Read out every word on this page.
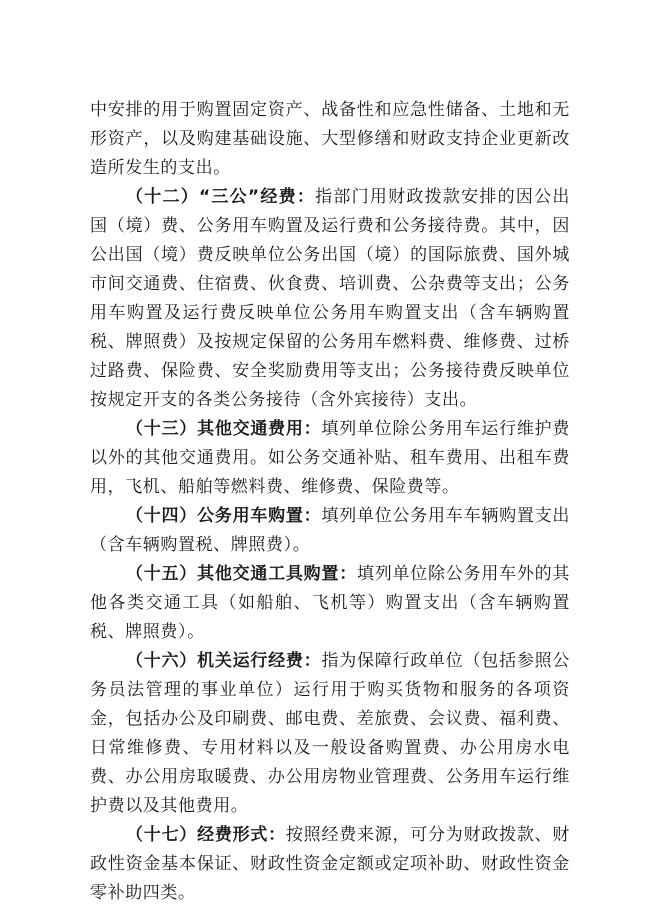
中安排的用于购置固定资产、战备性和应急性储备、土地和无形资产，以及购建基础设施、大型修缮和财政支持企业更新改造所发生的支出。

（十二）“三公”经费：指部门用财政拨款安排的因公出国（境）费、公务用车购置及运行费和公务接待费。其中，因公出国（境）费反映单位公务出国（境）的国际旅费、国外城市间交通费、住宿费、伙食费、培训费、公杂费等支出；公务用车购置及运行费反映单位公务用车购置支出（含车辆购置税、牌照费）及按规定保留的公务用车燃料费、维修费、过桥过路费、保险费、安全奖励费用等支出；公务接待费反映单位按规定开支的各类公务接待（含外宾接待）支出。

（十三）其他交通费用：填列单位除公务用车运行维护费以外的其他交通费用。如公务交通补贴、租车费用、出租车费用，飞机、船舶等燃料费、维修费、保险费等。

（十四）公务用车购置：填列单位公务用车车辆购置支出（含车辆购置税、牌照费）。

（十五）其他交通工具购置：填列单位除公务用车外的其他各类交通工具（如船舶、飞机等）购置支出（含车辆购置税、牌照费）。

（十六）机关运行经费：指为保障行政单位（包括参照公务员法管理的事业单位）运行用于购买货物和服务的各项资金，包括办公及印刷费、邮电费、差旅费、会议费、福利费、日常维修费、专用材料以及一般设备购置费、办公用房水电费、办公用房取暖费、办公用房物业管理费、公务用车运行维护费以及其他费用。

（十七）经费形式：按照经费来源，可分为财政拨款、财政性资金基本保证、财政性资金定额或定项补助、财政性资金零补助四类。
